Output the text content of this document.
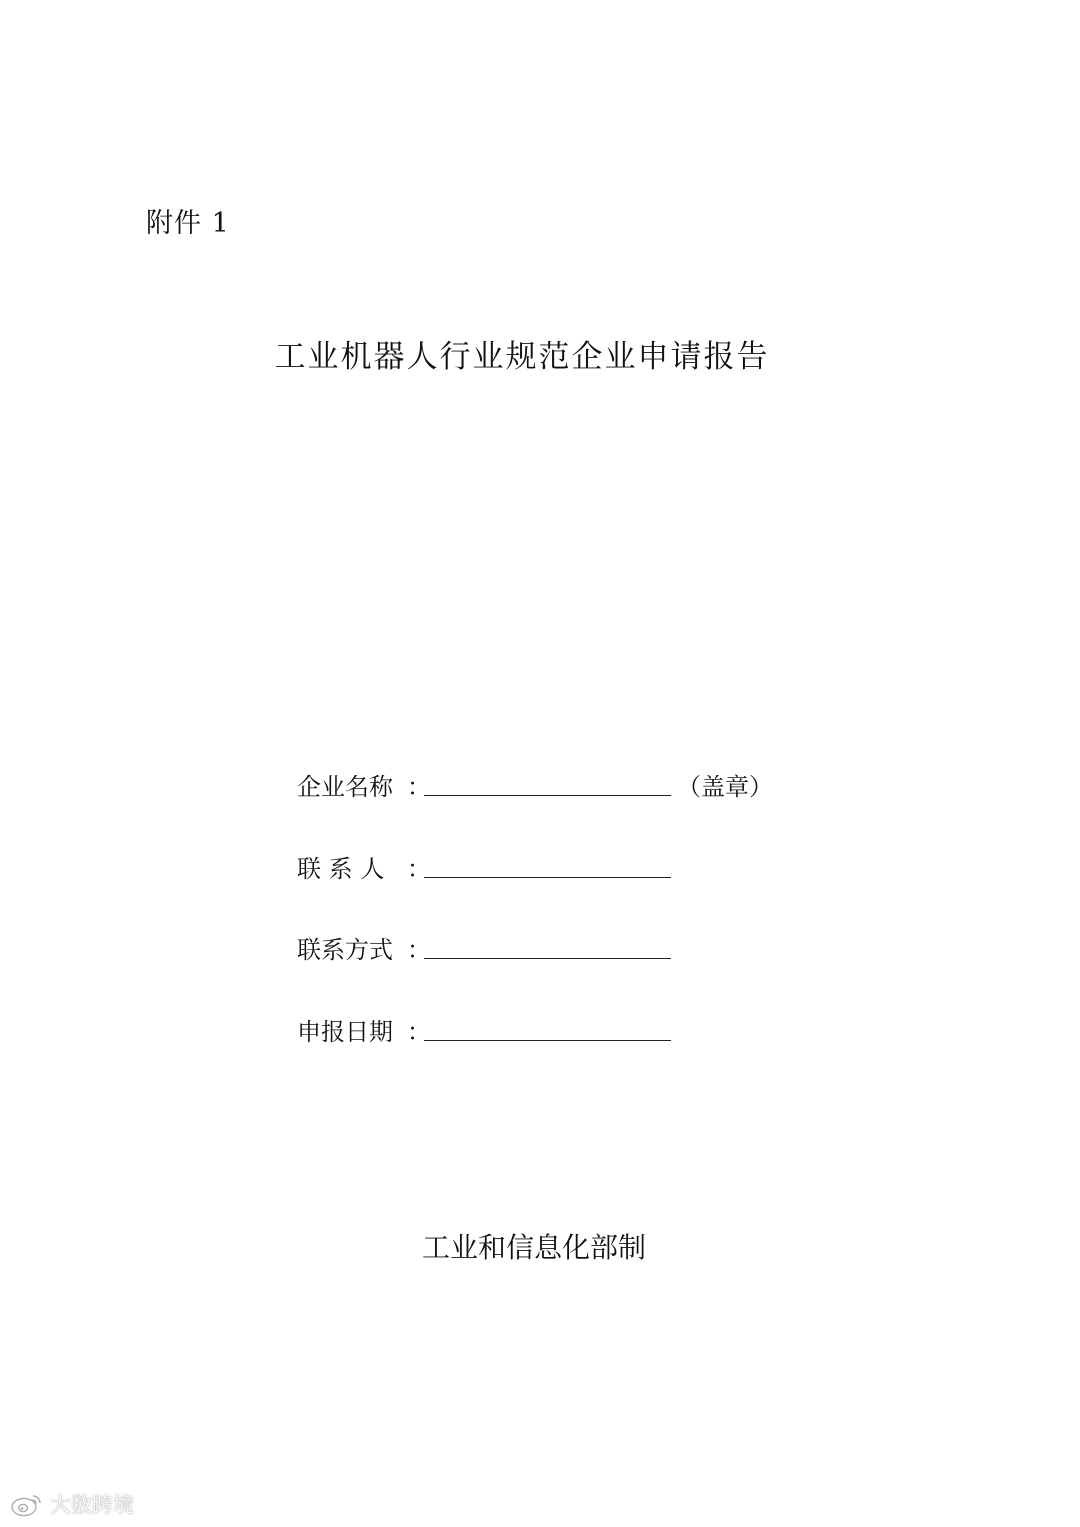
附件 1
工业机器人行业规范企业申请报告
企业名称 ：	（盖章）
联 系 人 ：
联系方式 ：
申报日期 ：
工业和信息化部制
大数跨境
